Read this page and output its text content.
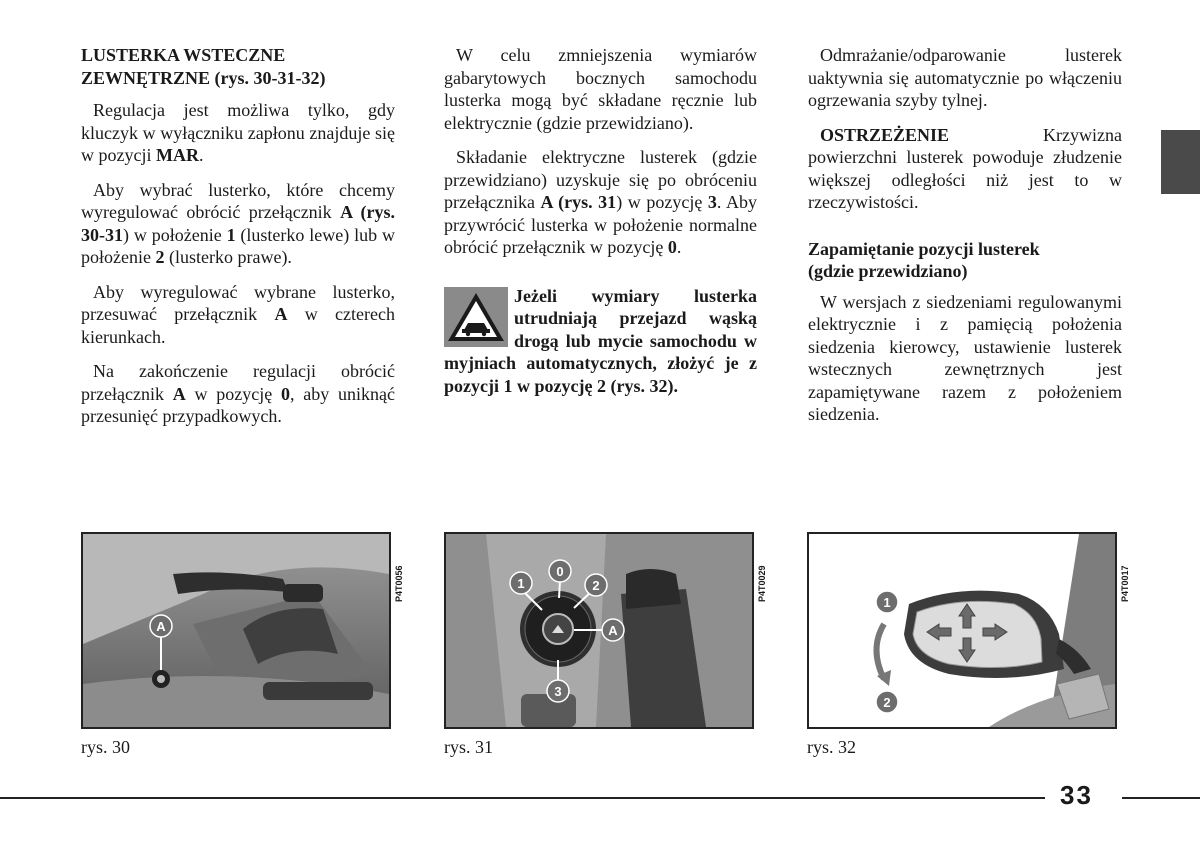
LUSTERKA WSTECZNE
ZEWNĘTRZNE (rys. 30-31-32)

Regulacja jest możliwa tylko, gdy kluczyk w wyłączniku zapłonu znajduje się w pozycji MAR.

Aby wybrać lusterko, które chcemy wyregulować obrócić przełącznik A (rys. 30-31) w położenie 1 (lusterko lewe) lub w położenie 2 (lusterko prawe).

Aby wyregulować wybrane lusterko, przesuwać przełącznik A w czterech kierunkach.

Na zakończenie regulacji obrócić przełącznik A w pozycję 0, aby uniknąć przesunięć przypadkowych.

W celu zmniejszenia wymiarów gabarytowych bocznych samochodu lusterka mogą być składane ręcznie lub elektrycznie (gdzie przewidziano).

Składanie elektryczne lusterek (gdzie przewidziano) uzyskuje się po obróceniu przełącznika A (rys. 31) w pozycję 3. Aby przywrócić lusterka w położenie normalne obrócić przełącznik w pozycję 0.

Jeżeli wymiary lusterka utrudniają przejazd wąską drogą lub mycie samochodu w myjniach automatycznych, złożyć je z pozycji 1 w pozycję 2 (rys. 32).

Odmrażanie/odparowanie lusterek uaktywnia się automatycznie po włączeniu ogrzewania szyby tylnej.

OSTRZEŻENIE Krzywizna powierzchni lusterek powoduje złudzenie większej odległości niż jest to w rzeczywistości.

Zapamiętanie pozycji lusterek
(gdzie przewidziano)

W wersjach z siedzeniami regulowanymi elektrycznie i z pamięcią położenia siedzenia kierowcy, ustawienie lusterek wstecznych zewnętrznych jest zapamiętywane razem z położeniem siedzenia.

A
P4T0056
rys. 30
1
0
2
A
3
P4T0029
rys. 31
1
2
P4T0017
rys. 32
33
